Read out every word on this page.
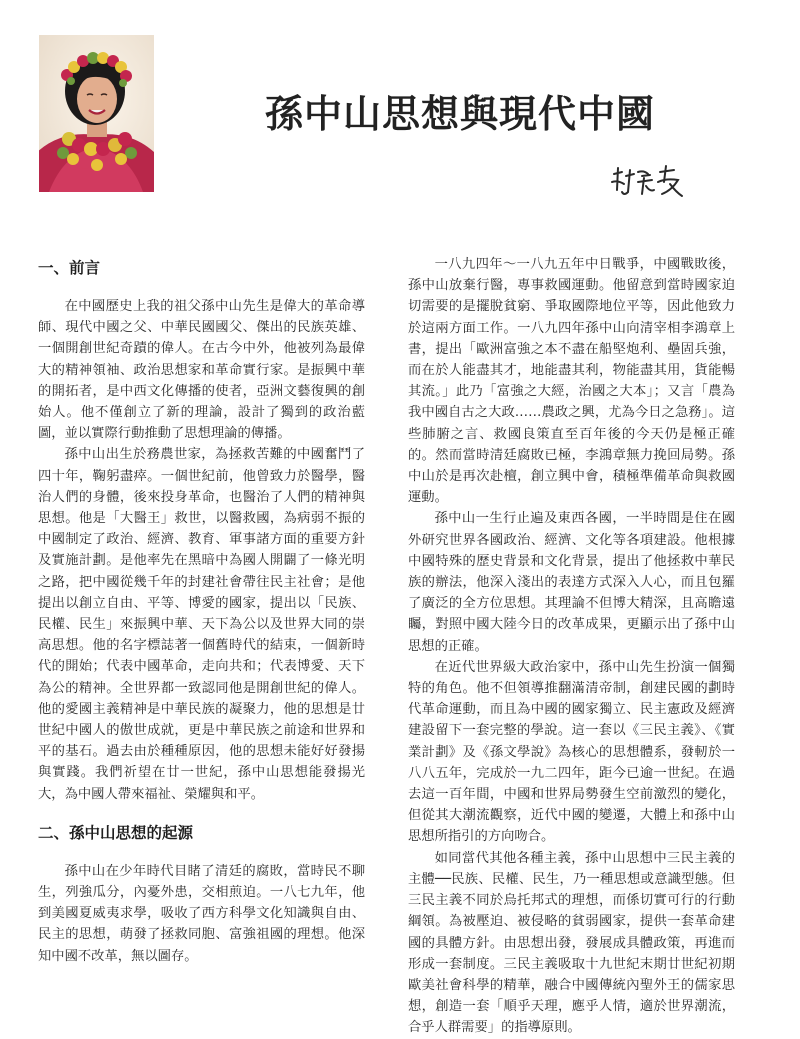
孫中山思想與現代中國
一、前言

在中國歷史上我的祖父孫中山先生是偉大的革命導師、現代中國之父、中華民國國父、傑出的民族英雄、一個開創世紀奇蹟的偉人。在古今中外，他被列為最偉大的精神領袖、政治思想家和革命實行家。是振興中華的開拓者，是中西文化傳播的使者，亞洲文藝復興的創始人。他不僅創立了新的理論，設計了獨到的政治藍圖，並以實際行動推動了思想理論的傳播。

孫中山出生於務農世家，為拯救苦難的中國奮鬥了四十年，鞠躬盡瘁。一個世紀前，他曾致力於醫學，醫治人們的身體，後來投身革命，也醫治了人們的精神與思想。他是「大醫王」救世，以醫救國，為病弱不振的中國制定了政治、經濟、教育、軍事諸方面的重要方針及實施計劃。是他率先在黑暗中為國人開闢了一條光明之路，把中國從幾千年的封建社會帶往民主社會；是他提出以創立自由、平等、博愛的國家，提出以「民族、民權、民生」來振興中華、天下為公以及世界大同的崇高思想。他的名字標誌著一個舊時代的結束，一個新時代的開始；代表中國革命，走向共和；代表博愛、天下為公的精神。全世界都一致認同他是開創世紀的偉人。他的愛國主義精神是中華民族的凝聚力，他的思想是廿世紀中國人的傲世成就，更是中華民族之前途和世界和平的基石。過去由於種種原因，他的思想未能好好發揚與實踐。我們祈望在廿一世紀，孫中山思想能發揚光大，為中國人帶來福祉、榮耀與和平。

二、孫中山思想的起源

孫中山在少年時代目睹了清廷的腐敗，當時民不聊生，列強瓜分，內憂外患，交相煎迫。一八七九年，他到美國夏威夷求學，吸收了西方科學文化知識與自由、民主的思想，萌發了拯救同胞、富強祖國的理想。他深知中國不改革，無以圖存。

一八九四年～一八九五年中日戰爭，中國戰敗後，孫中山放棄行醫，專事救國運動。他留意到當時國家迫切需要的是擺脫貧窮、爭取國際地位平等，因此他致力於這兩方面工作。一八九四年孫中山向清宰相李鴻章上書，提出「歐洲富強之本不盡在船堅炮利、壘固兵強，而在於人能盡其才，地能盡其利，物能盡其用，貨能暢其流。」此乃「富強之大經，治國之大本」；又言「農為我中國自古之大政……農政之興，尤為今日之急務」。這些肺腑之言、救國良策直至百年後的今天仍是極正確的。然而當時清廷腐敗已極，李鴻章無力挽回局勢。孫中山於是再次赴檀，創立興中會，積極準備革命與救國運動。

孫中山一生行止遍及東西各國，一半時間是住在國外研究世界各國政治、經濟、文化等各項建設。他根據中國特殊的歷史背景和文化背景，提出了他拯救中華民族的辦法，他深入淺出的表達方式深入人心，而且包羅了廣泛的全方位思想。其理論不但博大精深，且高瞻遠矚，對照中國大陸今日的改革成果，更顯示出了孫中山思想的正確。

在近代世界級大政治家中，孫中山先生扮演一個獨特的角色。他不但領導推翻滿清帝制，創建民國的劃時代革命運動，而且為中國的國家獨立、民主憲政及經濟建設留下一套完整的學說。這一套以《三民主義》、《實業計劃》及《孫文學說》為核心的思想體系，發軔於一八八五年，完成於一九二四年，距今已逾一世紀。在過去這一百年間，中國和世界局勢發生空前激烈的變化，但從其大潮流觀察，近代中國的變遷，大體上和孫中山思想所指引的方向吻合。

如同當代其他各種主義，孫中山思想中三民主義的主體──民族、民權、民生，乃一種思想或意識型態。但三民主義不同於烏托邦式的理想，而係切實可行的行動綱領。為被壓迫、被侵略的貧弱國家，提供一套革命建國的具體方針。由思想出發，發展成具體政策，再進而形成一套制度。三民主義吸取十九世紀末期廿世紀初期歐美社會科學的精華，融合中國傳統內聖外王的儒家思想，創造一套「順乎天理，應乎人情，適於世界潮流，合乎人群需要」的指導原則。
